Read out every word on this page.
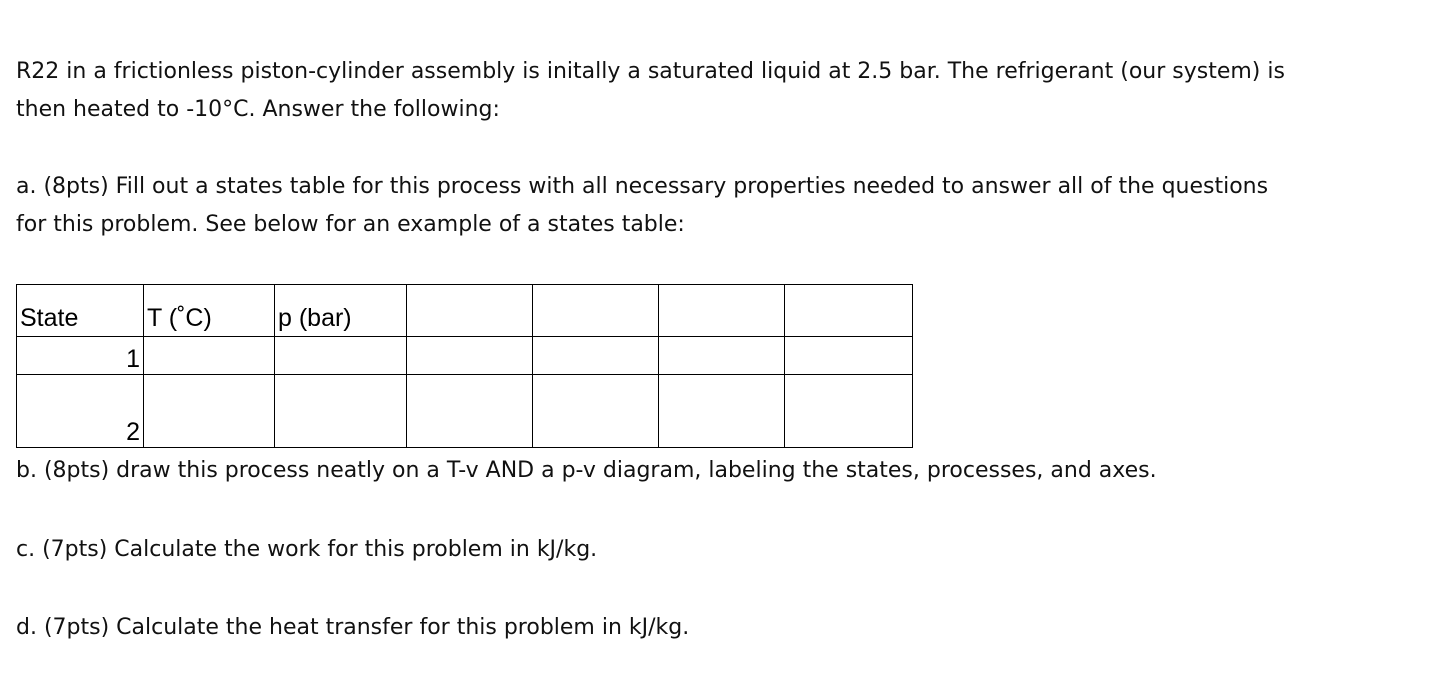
R22 in a frictionless piston-cylinder assembly is initally a saturated liquid at 2.5 bar. The refrigerant (our system) is
then heated to -10°C. Answer the following:

a. (8pts) Fill out a states table for this process with all necessary properties needed to answer all of the questions
for this problem. See below for an example of a states table:

State	T (˚C)	p (bar)				
1						
2						

b. (8pts) draw this process neatly on a T-v AND a p-v diagram, labeling the states, processes, and axes.

c. (7pts) Calculate the work for this problem in kJ/kg.

d. (7pts) Calculate the heat transfer for this problem in kJ/kg.
